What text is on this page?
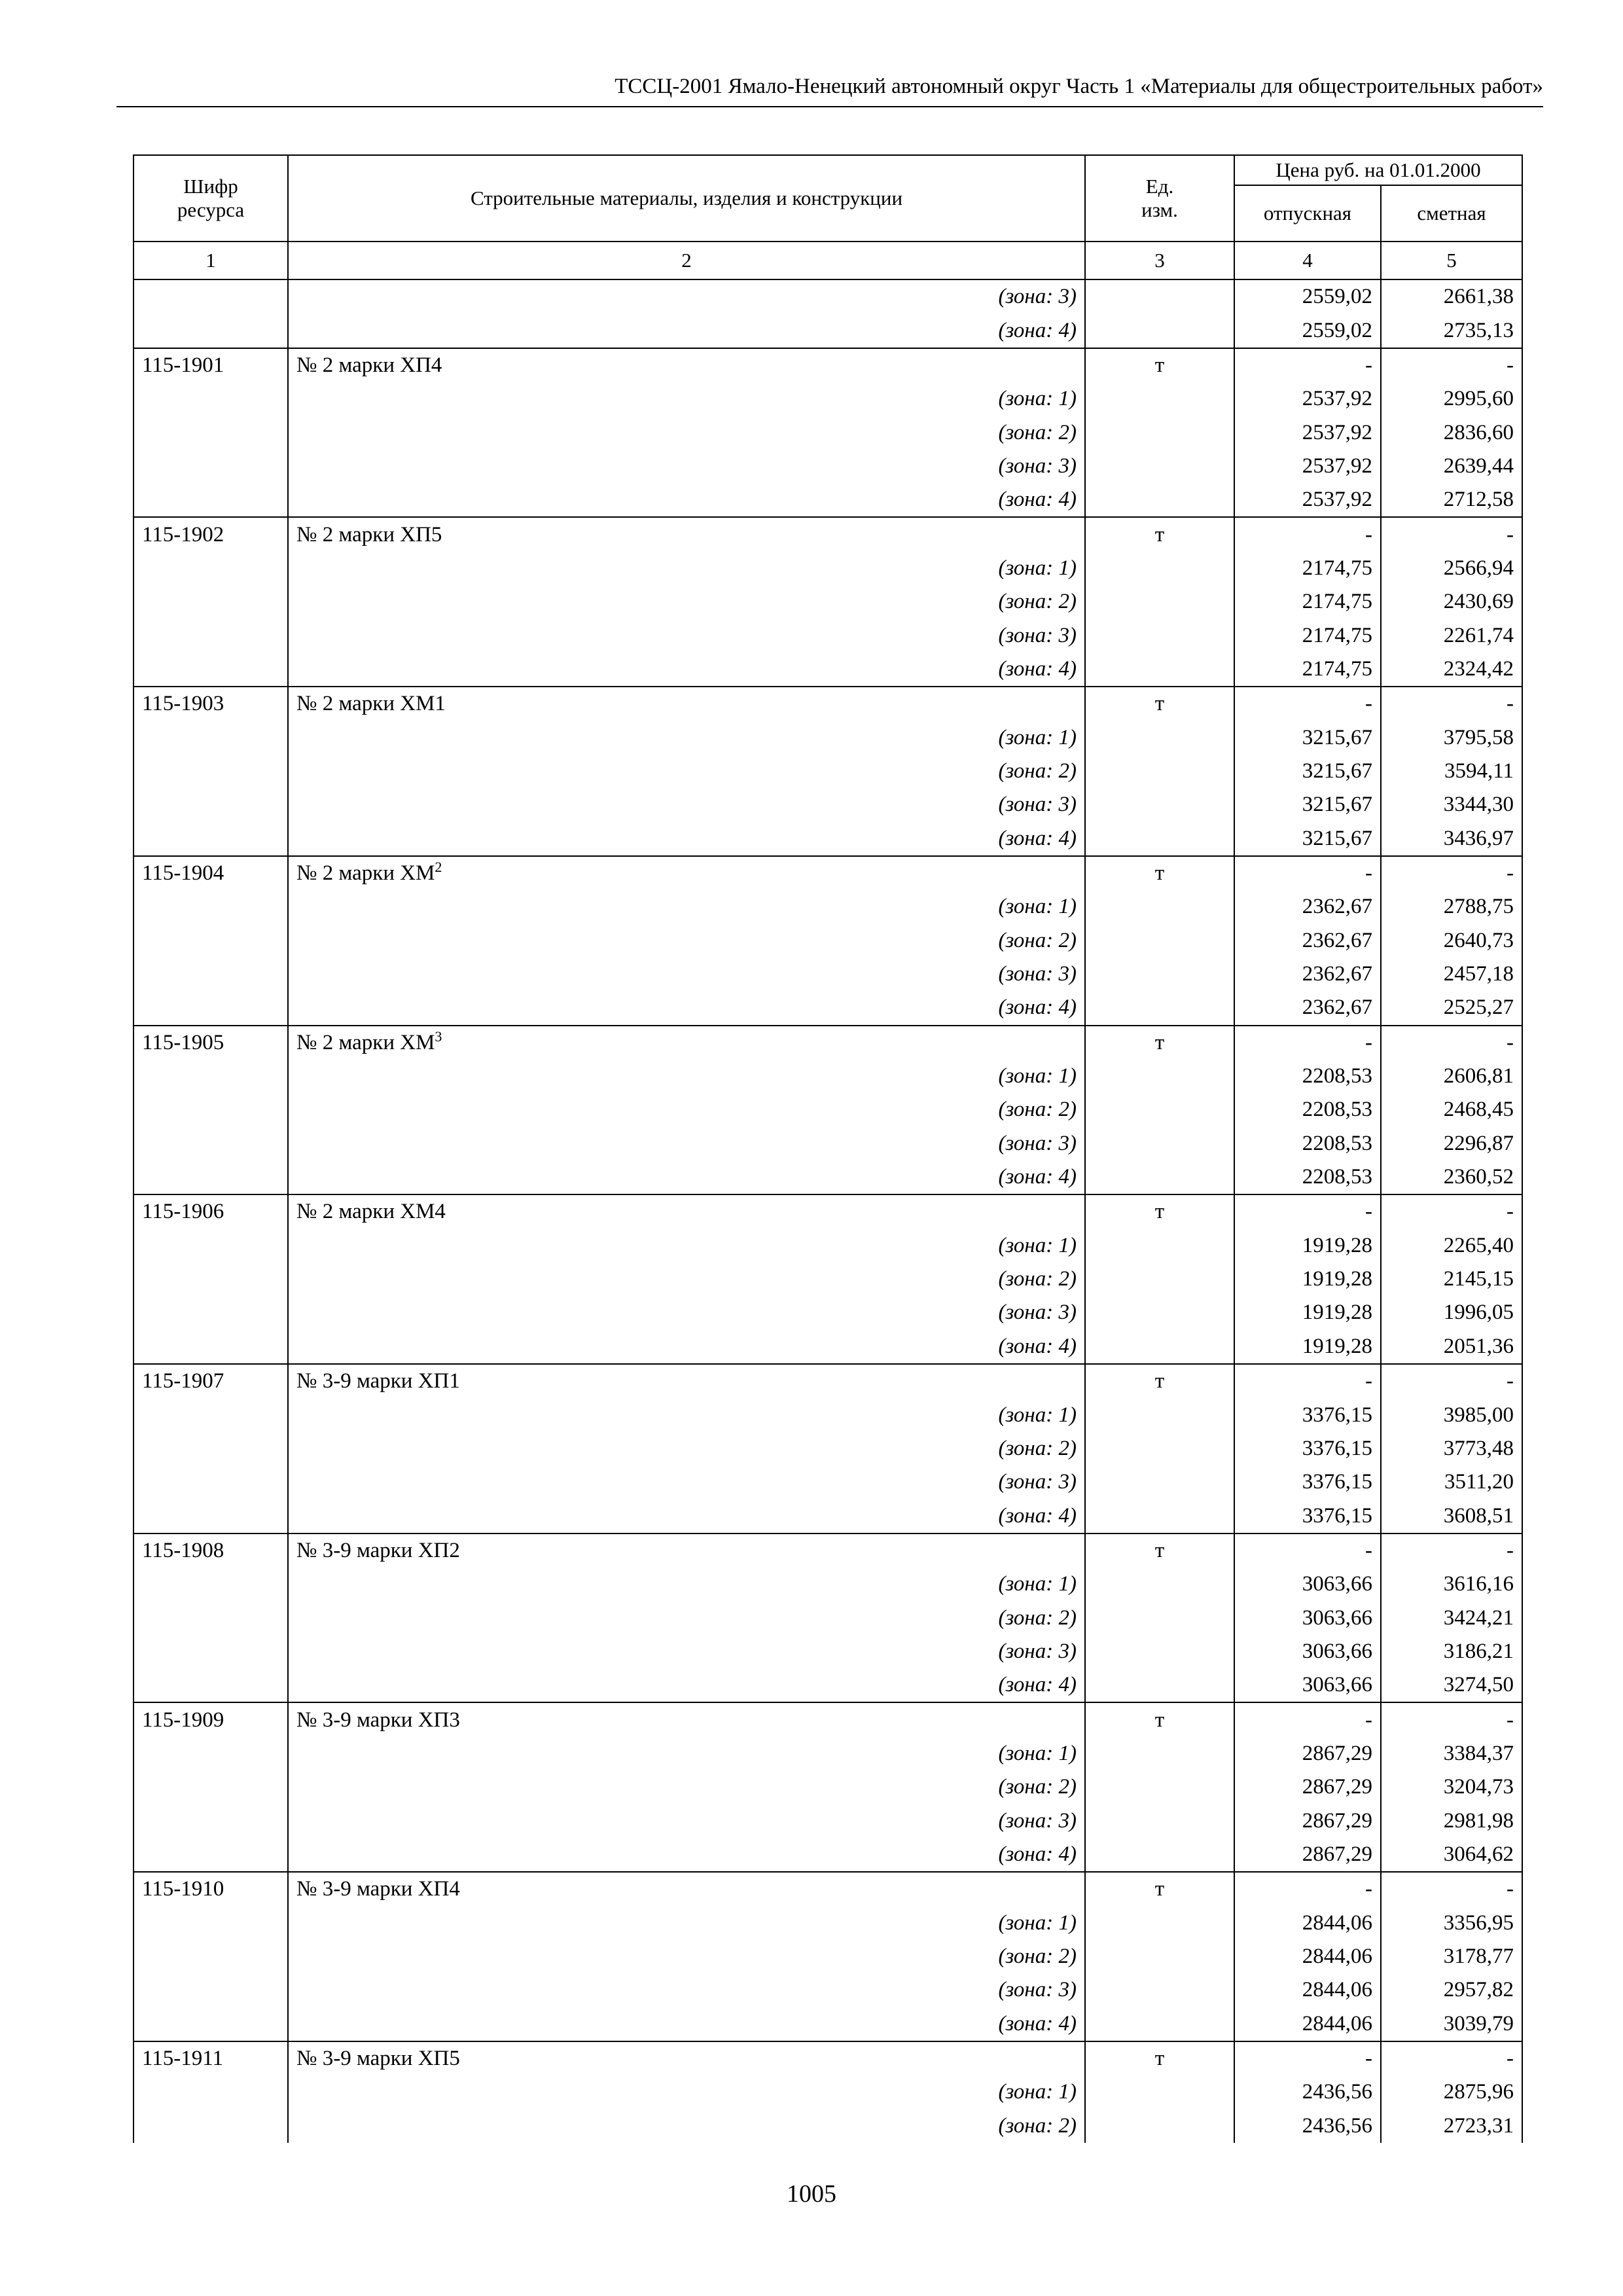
ТССЦ-2001 Ямало-Ненецкий автономный округ Часть 1 «Материалы для общестроительных работ»
Шифр ресурса	Строительные материалы, изделия и конструкции	Ед. изм.	Цена руб. на 01.01.2000	
			отпускная	сметная
1	2	3	4	5
	(зона: 3)		2559,02	2661,38
	(зона: 4)		2559,02	2735,13
115-1901	№ 2 марки ХП4	т	-	-
	(зона: 1)		2537,92	2995,60
	(зона: 2)		2537,92	2836,60
	(зона: 3)		2537,92	2639,44
	(зона: 4)		2537,92	2712,58
115-1902	№ 2 марки ХП5	т	-	-
	(зона: 1)		2174,75	2566,94
	(зона: 2)		2174,75	2430,69
	(зона: 3)		2174,75	2261,74
	(зона: 4)		2174,75	2324,42
115-1903	№ 2 марки ХМ1	т	-	-
	(зона: 1)		3215,67	3795,58
	(зона: 2)		3215,67	3594,11
	(зона: 3)		3215,67	3344,30
	(зона: 4)		3215,67	3436,97
115-1904	№ 2 марки $ХМ^2$	т	-	-
	(зона: 1)		2362,67	2788,75
	(зона: 2)		2362,67	2640,73
	(зона: 3)		2362,67	2457,18
	(зона: 4)		2362,67	2525,27
115-1905	№ 2 марки $ХМ^3$	т	-	-
	(зона: 1)		2208,53	2606,81
	(зона: 2)		2208,53	2468,45
	(зона: 3)		2208,53	2296,87
	(зона: 4)		2208,53	2360,52
115-1906	№ 2 марки ХМ4	т	-	-
	(зона: 1)		1919,28	2265,40
	(зона: 2)		1919,28	2145,15
	(зона: 3)		1919,28	1996,05
	(зона: 4)		1919,28	2051,36
115-1907	№ 3-9 марки ХП1	т	-	-
	(зона: 1)		3376,15	3985,00
	(зона: 2)		3376,15	3773,48
	(зона: 3)		3376,15	3511,20
	(зона: 4)		3376,15	3608,51
115-1908	№ 3-9 марки ХП2	т	-	-
	(зона: 1)		3063,66	3616,16
	(зона: 2)		3063,66	3424,21
	(зона: 3)		3063,66	3186,21
	(зона: 4)		3063,66	3274,50
115-1909	№ 3-9 марки ХП3	т	-	-
	(зона: 1)		2867,29	3384,37
	(зона: 2)		2867,29	3204,73
	(зона: 3)		2867,29	2981,98
	(зона: 4)		2867,29	3064,62
115-1910	№ 3-9 марки ХП4	т	-	-
	(зона: 1)		2844,06	3356,95
	(зона: 2)		2844,06	3178,77
	(зона: 3)		2844,06	2957,82
	(зона: 4)		2844,06	3039,79
115-1911	№ 3-9 марки ХП5	т	-	-
	(зона: 1)		2436,56	2875,96
	(зона: 2)		2436,56	2723,31
1005
